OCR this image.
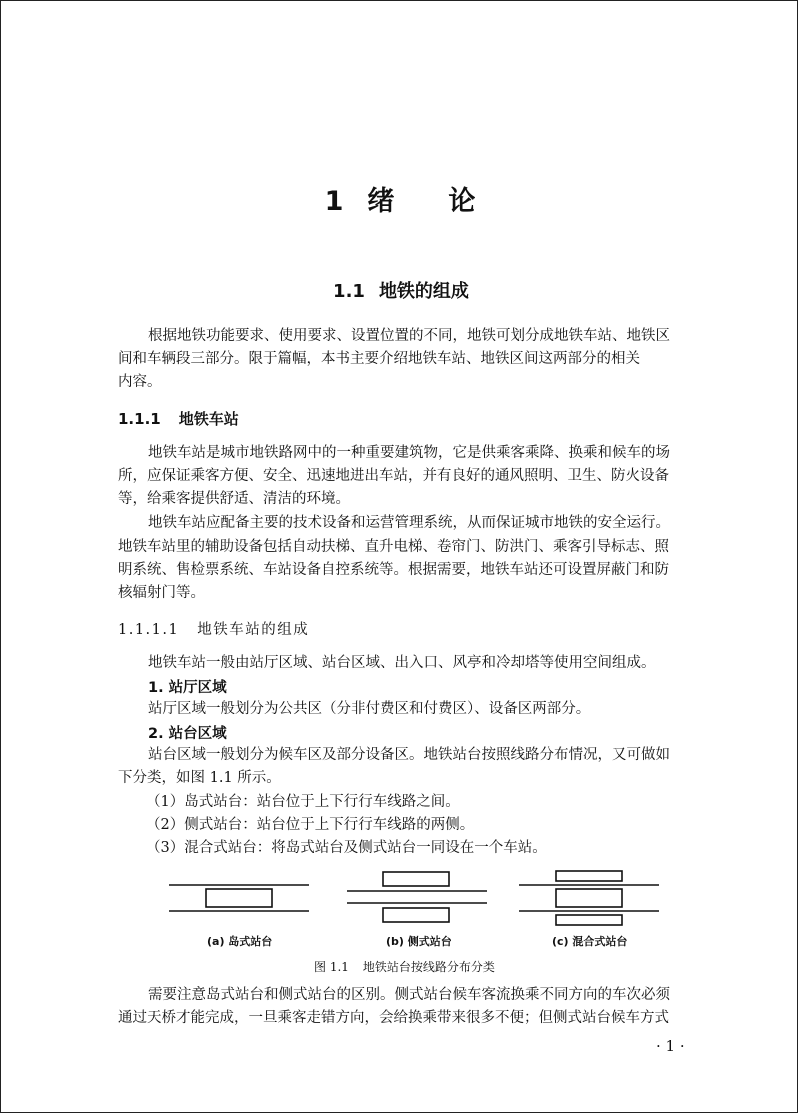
1 绪 论
1.1 地铁的组成
根据地铁功能要求、使用要求、设置位置的不同，地铁可划分成地铁车站、地铁区
间和车辆段三部分。限于篇幅，本书主要介绍地铁车站、地铁区间这两部分的相关
内容。
1.1.1 地铁车站
地铁车站是城市地铁路网中的一种重要建筑物，它是供乘客乘降、换乘和候车的场
所，应保证乘客方便、安全、迅速地进出车站，并有良好的通风照明、卫生、防火设备
等，给乘客提供舒适、清洁的环境。
地铁车站应配备主要的技术设备和运营管理系统，从而保证城市地铁的安全运行。
地铁车站里的辅助设备包括自动扶梯、直升电梯、卷帘门、防洪门、乘客引导标志、照
明系统、售检票系统、车站设备自控系统等。根据需要，地铁车站还可设置屏蔽门和防
核辐射门等。
1.1.1.1 地铁车站的组成
地铁车站一般由站厅区域、站台区域、出入口、风亭和冷却塔等使用空间组成。
1. 站厅区域
站厅区域一般划分为公共区（分非付费区和付费区）、设备区两部分。
2. 站台区域
站台区域一般划分为候车区及部分设备区。地铁站台按照线路分布情况，又可做如
下分类，如图 1.1 所示。
（1）岛式站台：站台位于上下行行车线路之间。
（2）侧式站台：站台位于上下行行车线路的两侧。
（3）混合式站台：将岛式站台及侧式站台一同设在一个车站。
(a) 岛式站台	(b) 侧式站台	(c) 混合式站台
图 1.1 地铁站台按线路分布分类
需要注意岛式站台和侧式站台的区别。侧式站台候车客流换乘不同方向的车次必须
通过天桥才能完成，一旦乘客走错方向，会给换乘带来很多不便；但侧式站台候车方式
· 1 ·
